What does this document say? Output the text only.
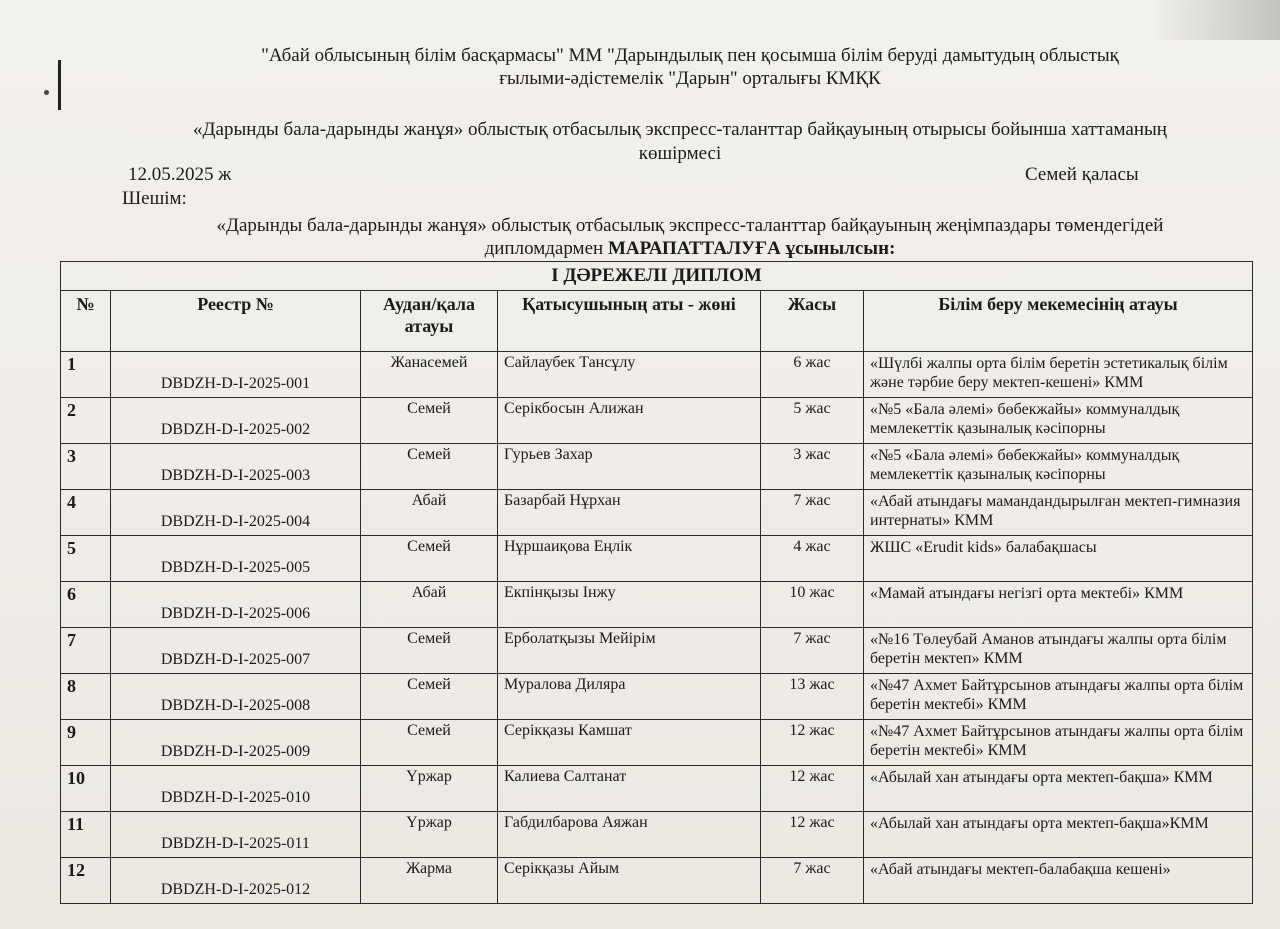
"Абай облысының білім басқармасы" ММ "Дарындылық пен қосымша білім беруді дамытудың облыстық
ғылыми-әдістемелік "Дарын" орталығы КМҚК
«Дарынды бала-дарынды жанұя» облыстық отбасылық экспресс-таланттар байқауының отырысы бойынша хаттаманың
көшірмесі
12.05.2025 ж	Семей қаласы
Шешім:
«Дарынды бала-дарынды жанұя» облыстық отбасылық экспресс-таланттар байқауының жеңімпаздары төмендегідей
дипломдармен МАРАПАТТАЛУҒА ұсынылсын:
I ДӘРЕЖЕЛІ ДИПЛОМ					
№	Реестр №	Аудан/қала атауы	Қатысушының аты - жөні	Жасы	Білім беру мекемесінің атауы
1	DBDZH-D-I-2025-001	Жанасемей	Сайлаубек Тансұлу	6 жас	«Шүлбі жалпы орта білім беретін эстетикалық білім және тәрбие беру мектеп-кешені» КММ
2	DBDZH-D-I-2025-002	Семей	Серікбосын Алижан	5 жас	«№5 «Бала әлемі» бөбекжайы» коммуналдық мемлекеттік қазыналық кәсіпорны
3	DBDZH-D-I-2025-003	Семей	Гурьев Захар	3 жас	«№5 «Бала әлемі» бөбекжайы» коммуналдық мемлекеттік қазыналық кәсіпорны
4	DBDZH-D-I-2025-004	Абай	Базарбай Нұрхан	7 жас	«Абай атындағы мамандандырылған мектеп-гимназия интернаты» КММ
5	DBDZH-D-I-2025-005	Семей	Нұршаиқова Еңлік	4 жас	ЖШС «Erudit kids» балабақшасы
6	DBDZH-D-I-2025-006	Абай	Екпінқызы Інжу	10 жас	«Мамай атындағы негізгі орта мектебі» КММ
7	DBDZH-D-I-2025-007	Семей	Ерболатқызы Мейірім	7 жас	«№16 Төлеубай Аманов атындағы жалпы орта білім беретін мектеп» КММ
8	DBDZH-D-I-2025-008	Семей	Муралова Диляра	13 жас	«№47 Ахмет Байтұрсынов атындағы жалпы орта білім беретін мектебі» КММ
9	DBDZH-D-I-2025-009	Семей	Серікқазы Камшат	12 жас	«№47 Ахмет Байтұрсынов атындағы жалпы орта білім беретін мектебі» КММ
10	DBDZH-D-I-2025-010	Үржар	Калиева Салтанат	12 жас	«Абылай хан атындағы орта мектеп-бақша» КММ
11	DBDZH-D-I-2025-011	Үржар	Габдилбарова Аяжан	12 жас	«Абылай хан атындағы орта мектеп-бақша»КММ
12	DBDZH-D-I-2025-012	Жарма	Серікқазы Айым	7 жас	«Абай атындағы мектеп-балабақша кешені»
